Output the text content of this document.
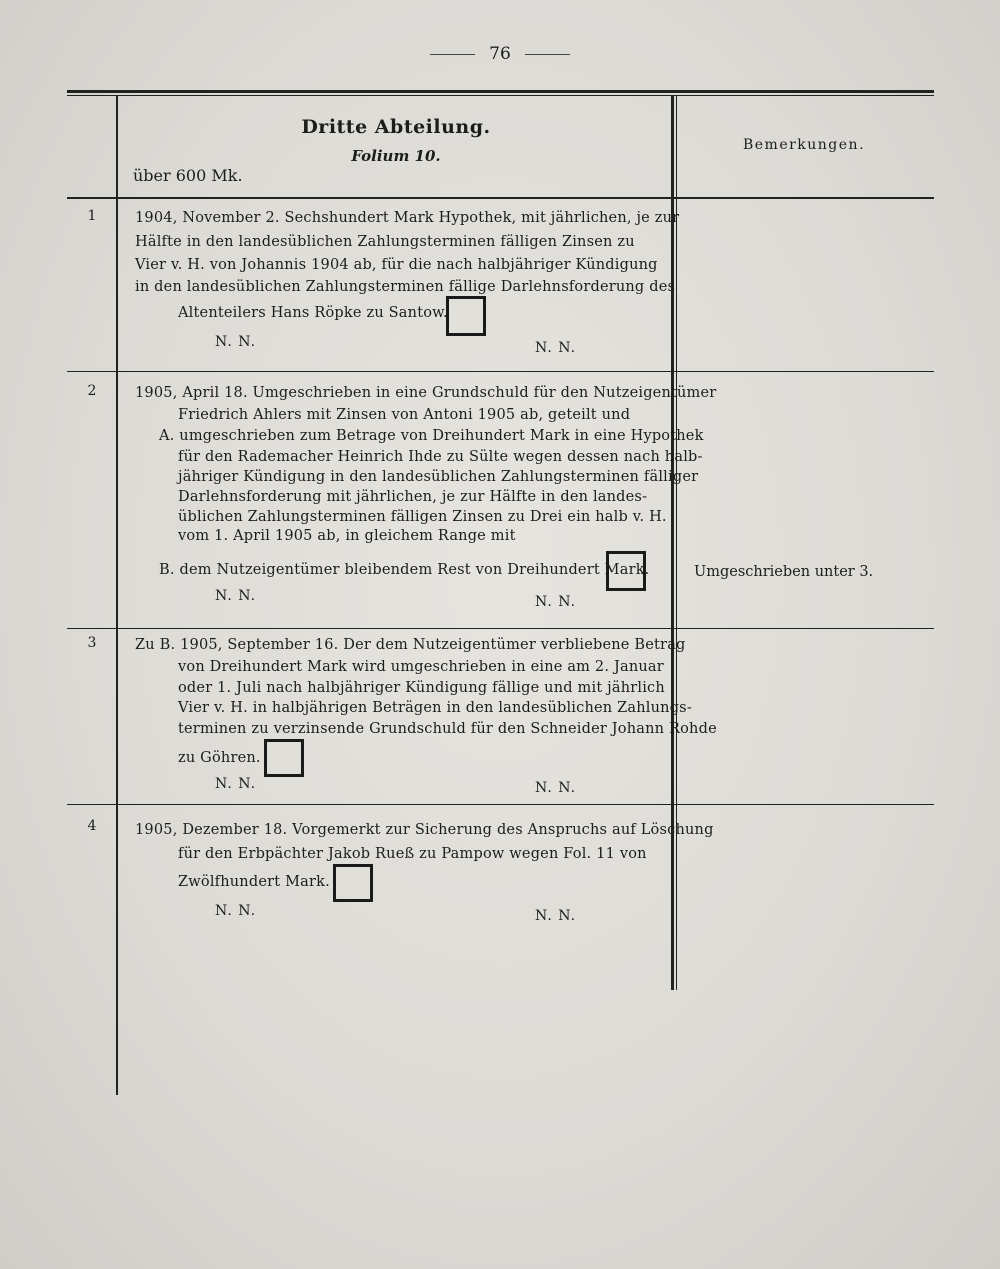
76
Dritte Abteilung.
Folium 10.
über 600 Mk.
Bemerkungen.
1	1904, November 2. Sechshundert Mark Hypothek, mit jährlichen, je zur
Hälfte in den landesüblichen Zahlungsterminen fälligen Zinsen zu
Vier v. H. von Johannis 1904 ab, für die nach halbjähriger Kündigung
in den landesüblichen Zahlungsterminen fällige Darlehnsforderung des
Altenteilers Hans Röpke zu Santow.
N. N.	N. N.
2	1905, April 18. Umgeschrieben in eine Grundschuld für den Nutzeigentümer
Friedrich Ahlers mit Zinsen von Antoni 1905 ab, geteilt und
A. umgeschrieben zum Betrage von Dreihundert Mark in eine Hypothek
für den Rademacher Heinrich Ihde zu Sülte wegen dessen nach halb-
jähriger Kündigung in den landesüblichen Zahlungsterminen fälliger
Darlehnsforderung mit jährlichen, je zur Hälfte in den landes-
üblichen Zahlungsterminen fälligen Zinsen zu Drei ein halb v. H.
vom 1. April 1905 ab, in gleichem Range mit
B. dem Nutzeigentümer bleibendem Rest von Dreihundert Mark.
N. N.	N. N.
Umgeschrieben unter 3.
3	Zu B. 1905, September 16. Der dem Nutzeigentümer verbliebene Betrag
von Dreihundert Mark wird umgeschrieben in eine am 2. Januar
oder 1. Juli nach halbjähriger Kündigung fällige und mit jährlich
Vier v. H. in halbjährigen Beträgen in den landesüblichen Zahlungs-
terminen zu verzinsende Grundschuld für den Schneider Johann Rohde
zu Göhren.
N. N.	N. N.
4	1905, Dezember 18. Vorgemerkt zur Sicherung des Anspruchs auf Löschung
für den Erbpächter Jakob Rueß zu Pampow wegen Fol. 11 von
Zwölfhundert Mark.
N. N.	N. N.
